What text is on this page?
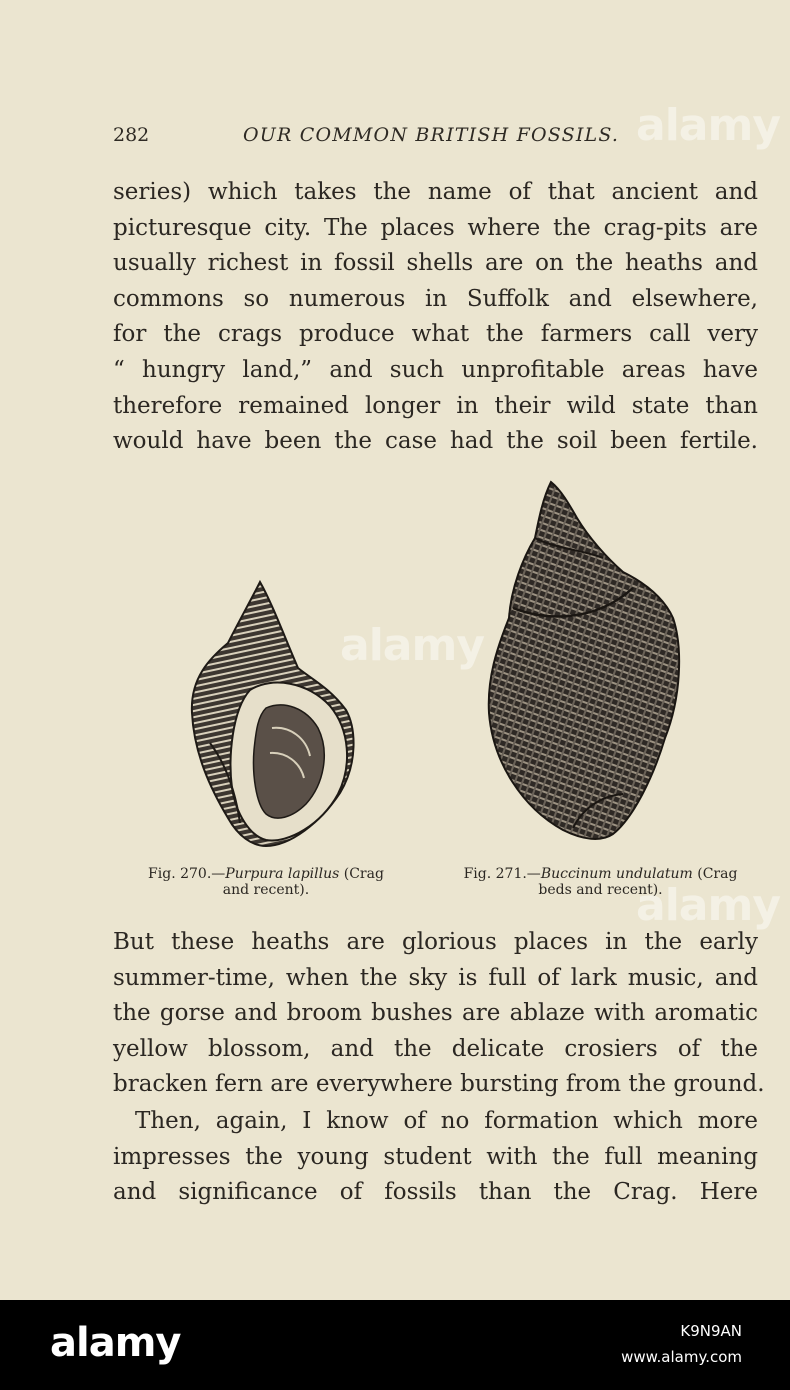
282	OUR COMMON BRITISH FOSSILS.
series) which takes the name of that ancient and
picturesque city. The places where the crag-pits are
usually richest in fossil shells are on the heaths and
commons so numerous in Suffolk and elsewhere,
for the crags produce what the farmers call very
“ hungry land,” and such unprofitable areas have
therefore remained longer in their wild state than
would have been the case had the soil been fertile.
Fig. 270.—Purpura lapillus (Crag
and recent).
Fig. 271.—Buccinum undulatum (Crag
beds and recent).
But these heaths are glorious places in the early
summer-time, when the sky is full of lark music, and
the gorse and broom bushes are ablaze with aromatic
yellow blossom, and the delicate crosiers of the
bracken fern are everywhere bursting from the ground.
Then, again, I know of no formation which more
impresses the young student with the full meaning
and significance of fossils than the Crag. Here
alamy
alamy
alamy
alamy	K9N9AN
www.alamy.com
